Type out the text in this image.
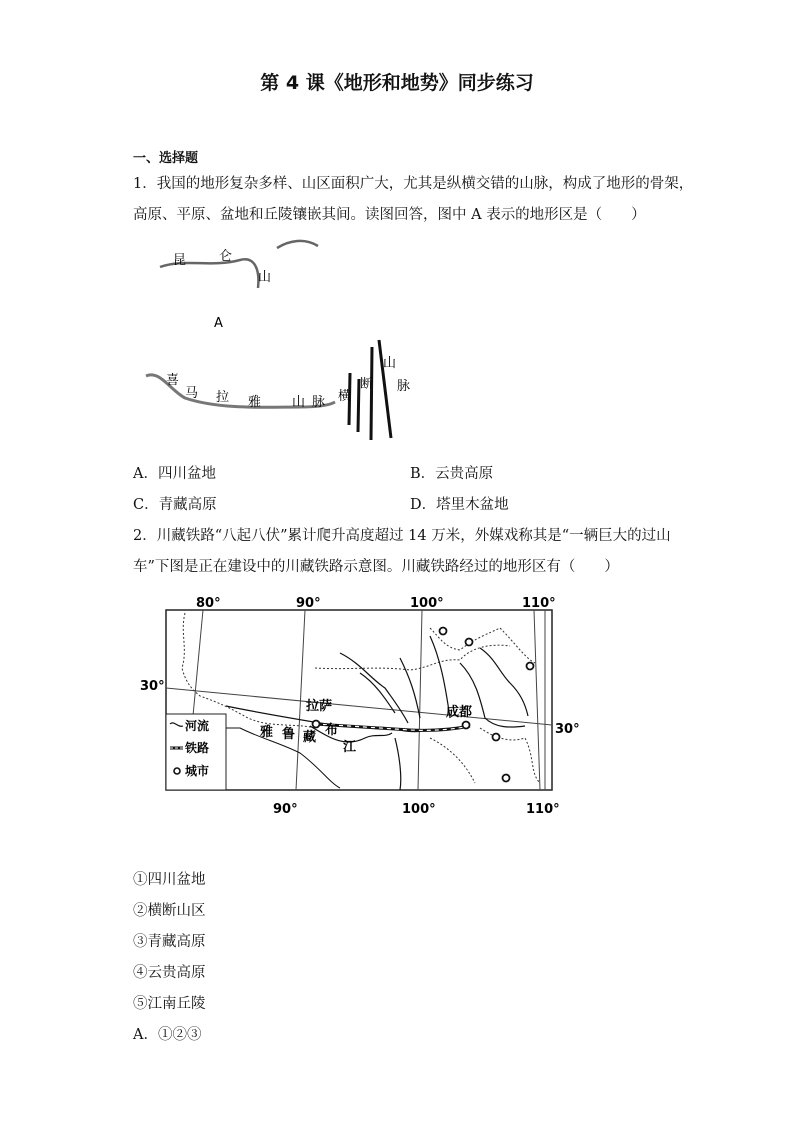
第 4 课《地形和地势》同步练习
一、选择题
1．我国的地形复杂多样、山区面积广大，尤其是纵横交错的山脉，构成了地形的骨架，
高原、平原、盆地和丘陵镶嵌其间。读图回答，图中 A 表示的地形区是（　　）
昆	仑
山
A
喜
马 拉 雅 山 脉 横
断
山
脉
A．四川盆地	B．云贵高原
C．青藏高原	D．塔里木盆地
2．川藏铁路“八起八伏”累计爬升高度超过 14 万米，外媒戏称其是“一辆巨大的过山
车”下图是正在建设中的川藏铁路示意图。川藏铁路经过的地形区有（　　）
80°	90°	100°	110°
90°	100°	110°
30°
30°
拉萨	成都
雅 鲁 藏 布
江
河流
铁路
城市
①四川盆地
②横断山区
③青藏高原
④云贵高原
⑤江南丘陵
A．①②③
